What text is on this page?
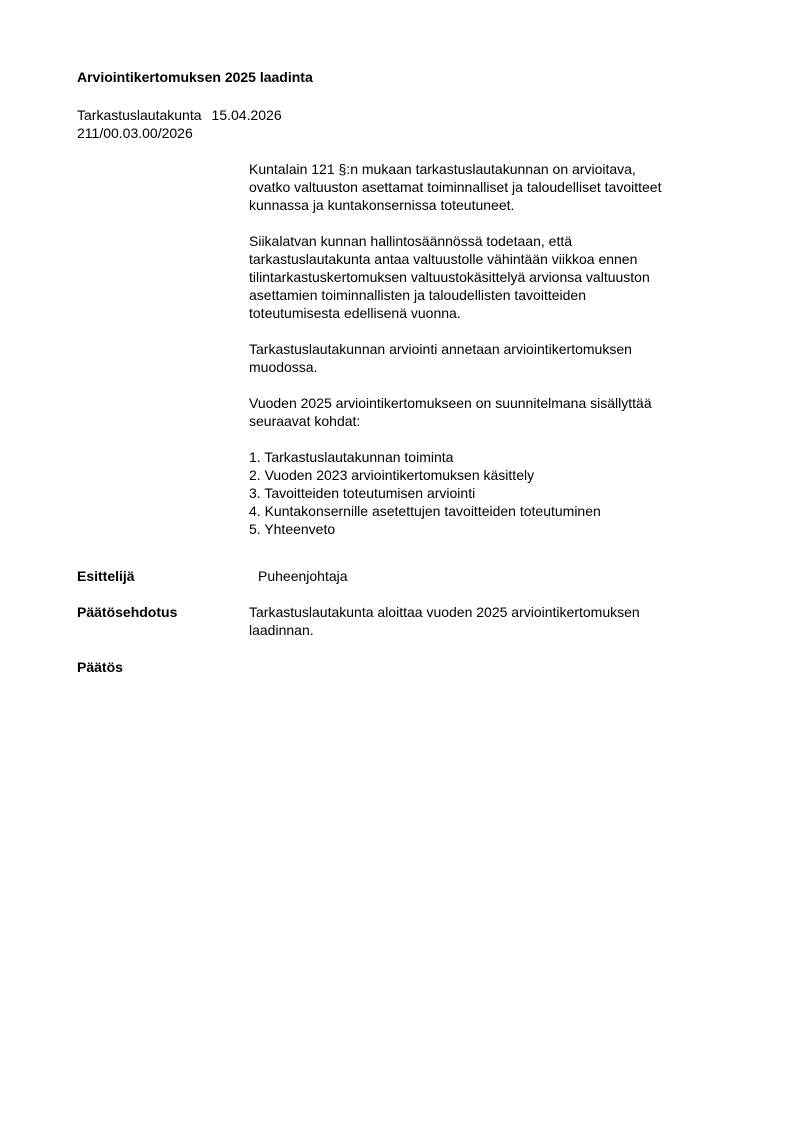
Arviointikertomuksen 2025 laadinta
Tarkastuslautakunta 15.04.2026
211/00.03.00/2026

Kuntalain 121 §:n mukaan tarkastuslautakunnan on arvioitava,
ovatko valtuuston asettamat toiminnalliset ja taloudelliset tavoitteet
kunnassa ja kuntakonsernissa toteutuneet.

Siikalatvan kunnan hallintosäännössä todetaan, että
tarkastuslautakunta antaa valtuustolle vähintään viikkoa ennen
tilintarkastuskertomuksen valtuustokäsittelyä arvionsa valtuuston
asettamien toiminnallisten ja taloudellisten tavoitteiden
toteutumisesta edellisenä vuonna.

Tarkastuslautakunnan arviointi annetaan arviointikertomuksen
muodossa.

Vuoden 2025 arviointikertomukseen on suunnitelmana sisällyttää
seuraavat kohdat:

1. Tarkastuslautakunnan toiminta
2. Vuoden 2023 arviointikertomuksen käsittely
3. Tavoitteiden toteutumisen arviointi
4. Kuntakonsernille asetettujen tavoitteiden toteutuminen
5. Yhteenveto
Esittelijä	Puheenjohtaja
Päätösehdotus	Tarkastuslautakunta aloittaa vuoden 2025 arviointikertomuksen
laadinnan.
Päätös
